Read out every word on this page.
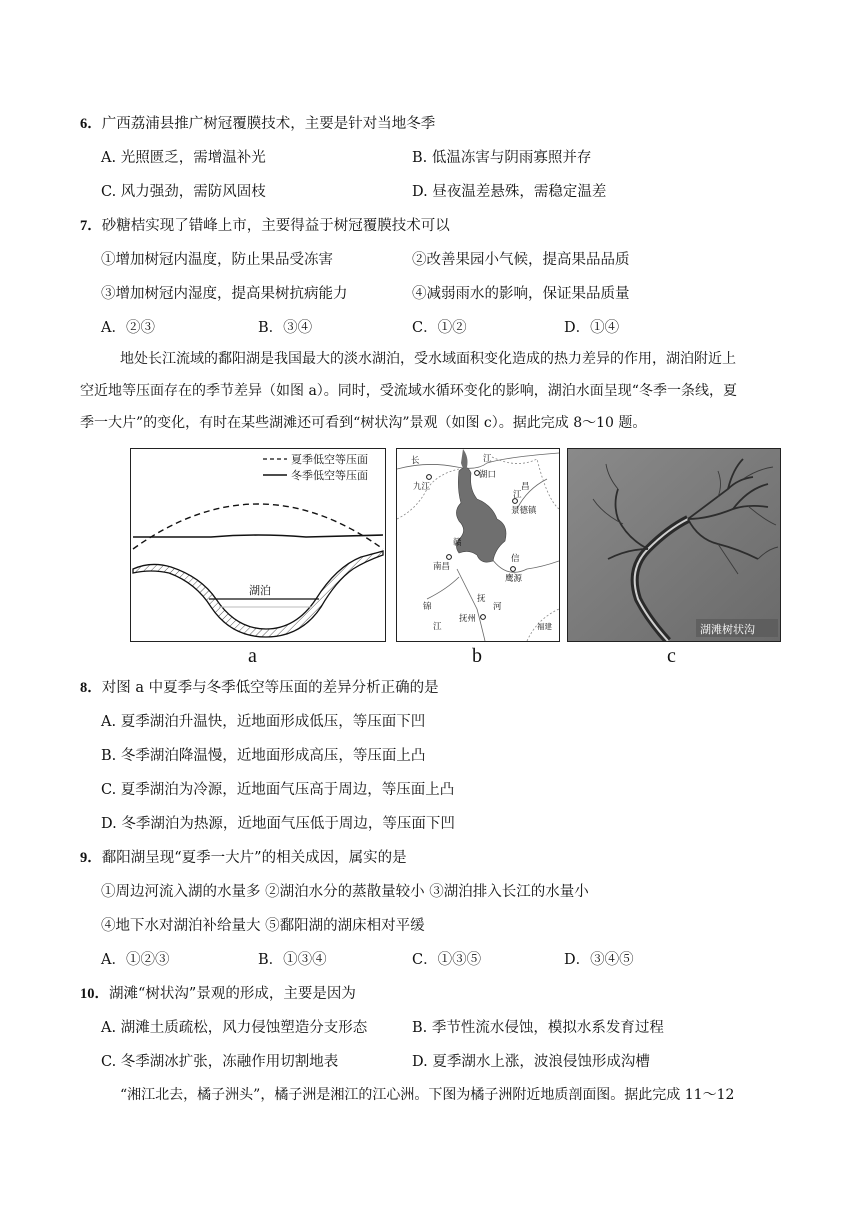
6．广西荔浦县推广树冠覆膜技术，主要是针对当地冬季
A. 光照匮乏，需增温补光	B. 低温冻害与阴雨寡照并存
C. 风力强劲，需防风固枝	D. 昼夜温差悬殊，需稳定温差
7．砂糖桔实现了错峰上市，主要得益于树冠覆膜技术可以
①增加树冠内温度，防止果品受冻害	②改善果园小气候，提高果品品质
③增加树冠内湿度，提高果树抗病能力	④减弱雨水的影响，保证果品质量
A．②③	B．③④	C．①②	D．①④
地处长江流域的鄱阳湖是我国最大的淡水湖泊，受水域面积变化造成的热力差异的作用，湖泊附近上
空近地等压面存在的季节差异（如图 a）。同时，受流域水循环变化的影响，湖泊水面呈现“冬季一条线，夏
季一大片”的变化，有时在某些湖滩还可看到“树状沟”景观（如图 c）。据此完成 8～10 题。
夏季低空等压面
冬季低空等压面
湖泊
a
长	江
湖口
九江	昌
江
景德镇
赣
南昌
信
鹰源
锦
江
抚
河
抚州
福建
b
湖滩树状沟
c
8．对图 a 中夏季与冬季低空等压面的差异分析正确的是
A. 夏季湖泊升温快，近地面形成低压，等压面下凹
B. 冬季湖泊降温慢，近地面形成高压，等压面上凸
C. 夏季湖泊为冷源，近地面气压高于周边，等压面上凸
D. 冬季湖泊为热源，近地面气压低于周边，等压面下凹
9．鄱阳湖呈现“夏季一大片”的相关成因，属实的是
①周边河流入湖的水量多 ②湖泊水分的蒸散量较小 ③湖泊排入长江的水量小
④地下水对湖泊补给量大 ⑤鄱阳湖的湖床相对平缓
A．①②③	B．①③④	C．①③⑤	D．③④⑤
10．湖滩“树状沟”景观的形成，主要是因为
A. 湖滩土质疏松，风力侵蚀塑造分支形态	B. 季节性流水侵蚀，模拟水系发育过程
C. 冬季湖冰扩张，冻融作用切割地表	D. 夏季湖水上涨，波浪侵蚀形成沟槽
“湘江北去，橘子洲头”，橘子洲是湘江的江心洲。下图为橘子洲附近地质剖面图。据此完成 11～12
